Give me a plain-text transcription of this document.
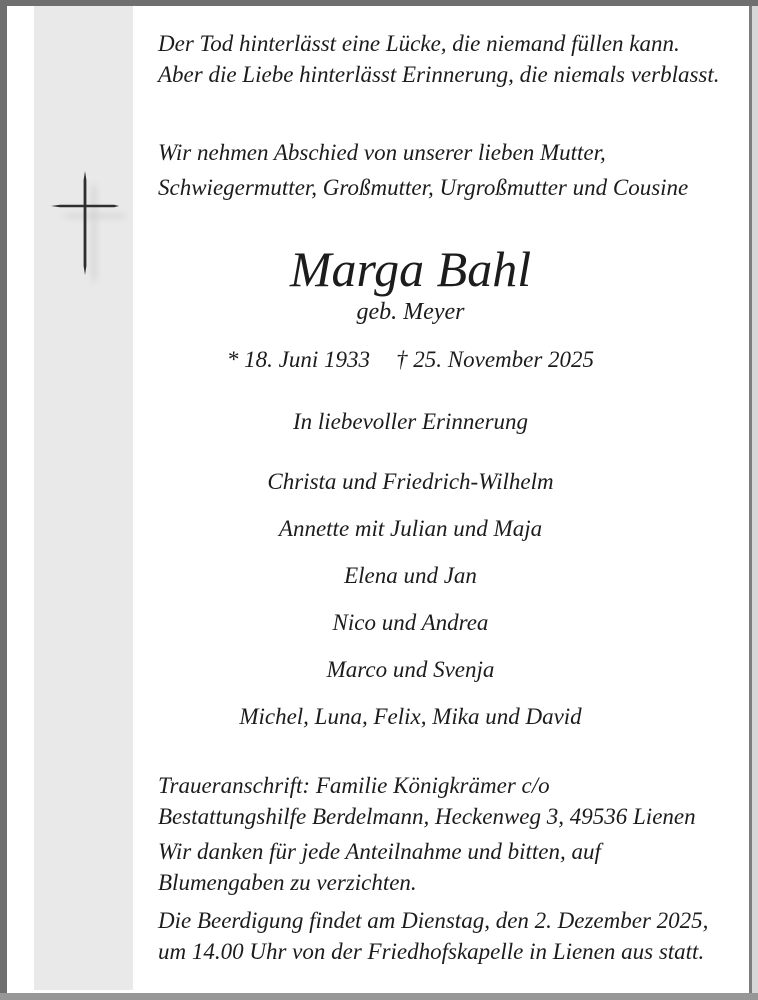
Der Tod hinterlässt eine Lücke, die niemand füllen kann.
Aber die Liebe hinterlässt Erinnerung, die niemals verblasst.
Wir nehmen Abschied von unserer lieben Mutter,
Schwiegermutter, Großmutter, Urgroßmutter und Cousine
Marga Bahl
geb. Meyer
* 18. Juni 1933 † 25. November 2025
In liebevoller Erinnerung
Christa und Friedrich-Wilhelm
Annette mit Julian und Maja
Elena und Jan
Nico und Andrea
Marco und Svenja
Michel, Luna, Felix, Mika und David
Traueranschrift: Familie Königkrämer c/o
Bestattungshilfe Berdelmann, Heckenweg 3, 49536 Lienen
Wir danken für jede Anteilnahme und bitten, auf
Blumengaben zu verzichten.
Die Beerdigung findet am Dienstag, den 2. Dezember 2025,
um 14.00 Uhr von der Friedhofskapelle in Lienen aus statt.
